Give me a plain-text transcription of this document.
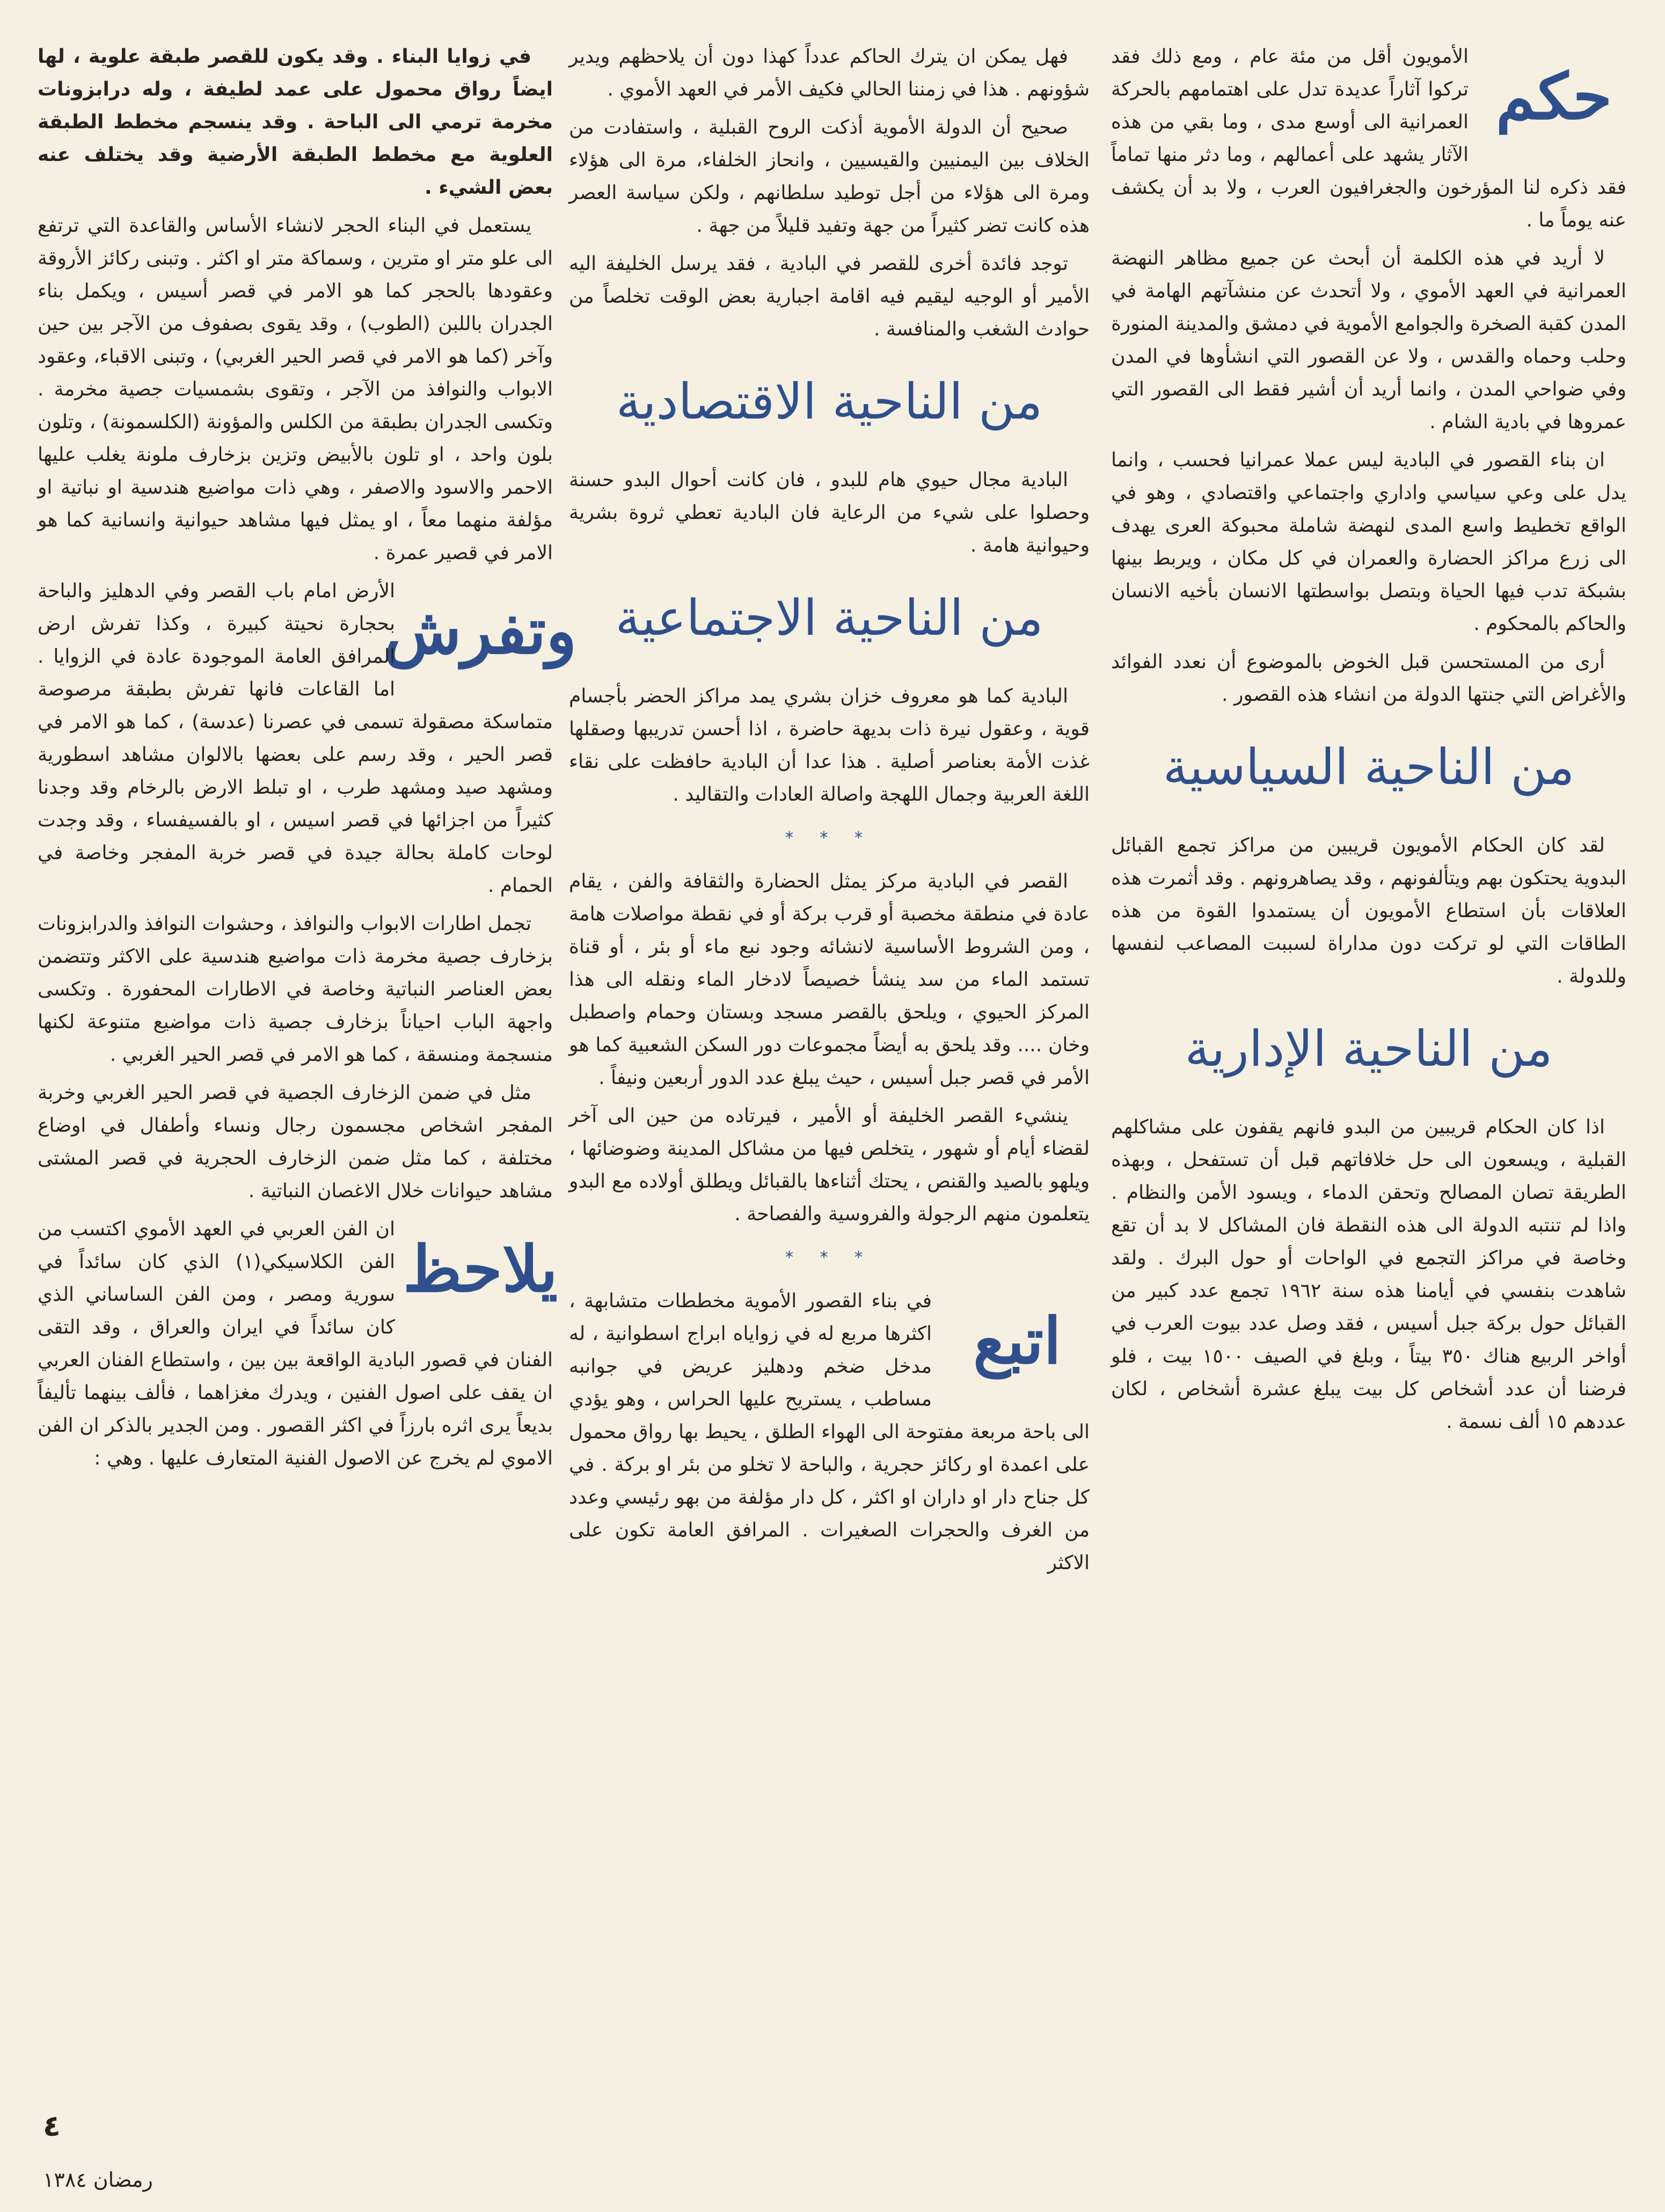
حكم

الأمويون أقل من مئة عام ، ومع ذلك فقد تركوا آثاراً عديدة تدل على اهتمامهم بالحركة العمرانية الى أوسع مدى ، وما بقي من هذه الآثار يشهد على أعمالهم ، وما دثر منها تماماً فقد ذكره لنا المؤرخون والجغرافيون العرب ، ولا بد أن يكشف عنه يوماً ما .

لا أريد في هذه الكلمة أن أبحث عن جميع مظاهر النهضة العمرانية في العهد الأموي ، ولا أتحدث عن منشآتهم الهامة في المدن كقبة الصخرة والجوامع الأموية في دمشق والمدينة المنورة وحلب وحماه والقدس ، ولا عن القصور التي انشأوها في المدن وفي ضواحي المدن ، وانما أريد أن أشير فقط الى القصور التي عمروها في بادية الشام .

ان بناء القصور في البادية ليس عملا عمرانيا فحسب ، وانما يدل على وعي سياسي واداري واجتماعي واقتصادي ، وهو في الواقع تخطيط واسع المدى لنهضة شاملة محبوكة العرى يهدف الى زرع مراكز الحضارة والعمران في كل مكان ، ويربط بينها بشبكة تدب فيها الحياة وبتصل بواسطتها الانسان بأخيه الانسان والحاكم بالمحكوم .

أرى من المستحسن قبل الخوض بالموضوع أن نعدد الفوائد والأغراض التي جنتها الدولة من انشاء هذه القصور .

من الناحية السياسية

لقد كان الحكام الأمويون قريبين من مراكز تجمع القبائل البدوية يحتكون بهم ويتألفونهم ، وقد يصاهرونهم . وقد أثمرت هذه العلاقات بأن استطاع الأمويون أن يستمدوا القوة من هذه الطاقات التي لو تركت دون مداراة لسببت المصاعب لنفسها وللدولة .

من الناحية الإدارية

اذا كان الحكام قريبين من البدو فانهم يقفون على مشاكلهم القبلية ، ويسعون الى حل خلافاتهم قبل أن تستفحل ، وبهذه الطريقة تصان المصالح وتحقن الدماء ، ويسود الأمن والنظام . واذا لم تنتبه الدولة الى هذه النقطة فان المشاكل لا بد أن تقع وخاصة في مراكز التجمع في الواحات أو حول البرك . ولقد شاهدت بنفسي في أيامنا هذه سنة ١٩٦٢ تجمع عدد كبير من القبائل حول بركة جبل أسيس ، فقد وصل عدد بيوت العرب في أواخر الربيع هناك ٣٥٠ بيتاً ، وبلغ في الصيف ١٥٠٠ بيت ، فلو فرضنا أن عدد أشخاص كل بيت يبلغ عشرة أشخاص ، لكان عددهم ١٥ ألف نسمة .

فهل يمكن ان يترك الحاكم عدداً كهذا دون أن يلاحظهم ويدير شؤونهم . هذا في زمننا الحالي فكيف الأمر في العهد الأموي .

صحيح أن الدولة الأموية أذكت الروح القبلية ، واستفادت من الخلاف بين اليمنيين والقيسيين ، وانحاز الخلفاء، مرة الى هؤلاء ومرة الى هؤلاء من أجل توطيد سلطانهم ، ولكن سياسة العصر هذه كانت تضر كثيراً من جهة وتفيد قليلاً من جهة .

توجد فائدة أخرى للقصر في البادية ، فقد يرسل الخليفة اليه الأمير أو الوجيه ليقيم فيه اقامة اجبارية بعض الوقت تخلصاً من حوادث الشغب والمنافسة .

من الناحية الاقتصادية

البادية مجال حيوي هام للبدو ، فان كانت أحوال البدو حسنة وحصلوا على شيء من الرعاية فان البادية تعطي ثروة بشرية وحيوانية هامة .

من الناحية الاجتماعية

البادية كما هو معروف خزان بشري يمد مراكز الحضر بأجسام قوية ، وعقول نيرة ذات بديهة حاضرة ، اذا أحسن تدريبها وصقلها غذت الأمة بعناصر أصلية . هذا عدا أن البادية حافظت على نقاء اللغة العربية وجمال اللهجة واصالة العادات والتقاليد .

* * *

القصر في البادية مركز يمثل الحضارة والثقافة والفن ، يقام عادة في منطقة مخصبة أو قرب بركة أو في نقطة مواصلات هامة ، ومن الشروط الأساسية لانشائه وجود نبع ماء أو بئر ، أو قناة تستمد الماء من سد ينشأ خصيصاً لادخار الماء ونقله الى هذا المركز الحيوي ، ويلحق بالقصر مسجد وبستان وحمام واصطبل وخان .... وقد يلحق به أيضاً مجموعات دور السكن الشعبية كما هو الأمر في قصر جبل أسيس ، حيث يبلغ عدد الدور أربعين ونيفاً .

ينشيء القصر الخليفة أو الأمير ، فيرتاده من حين الى آخر لقضاء أيام أو شهور ، يتخلص فيها من مشاكل المدينة وضوضائها ، ويلهو بالصيد والقنص ، يحتك أثناءها بالقبائل ويطلق أولاده مع البدو يتعلمون منهم الرجولة والفروسية والفصاحة .

* * *
اتبع

في بناء القصور الأموية مخططات متشابهة ، اكثرها مربع له في زواياه ابراج اسطوانية ، له مدخل ضخم ودهليز عريض في جوانبه مساطب ، يستريح عليها الحراس ، وهو يؤدي الى باحة مربعة مفتوحة الى الهواء الطلق ، يحيط بها رواق محمول على اعمدة او ركائز حجرية ، والباحة لا تخلو من بئر او بركة . في كل جناح دار او داران او اكثر ، كل دار مؤلفة من بهو رئيسي وعدد من الغرف والحجرات الصغيرات . المرافق العامة تكون على الاكثر

في زوايا البناء . وقد يكون للقصر طبقة علوية ، لها ايضاً رواق محمول على عمد لطيفة ، وله درابزونات مخرمة ترمي الى الباحة . وقد ينسجم مخطط الطبقة العلوية مع مخطط الطبقة الأرضية وقد يختلف عنه بعض الشيء .

يستعمل في البناء الحجر لانشاء الأساس والقاعدة التي ترتفع الى علو متر او مترين ، وسماكة متر او اكثر . وتبنى ركائز الأروقة وعقودها بالحجر كما هو الامر في قصر أسيس ، ويكمل بناء الجدران باللبن (الطوب) ، وقد يقوى بصفوف من الآجر بين حين وآخر (كما هو الامر في قصر الحير الغربي) ، وتبنى الاقباء، وعقود الابواب والنوافذ من الآجر ، وتقوى بشمسيات جصية مخرمة . وتكسى الجدران بطبقة من الكلس والمؤونة (الكلسمونة) ، وتلون بلون واحد ، او تلون بالأبيض وتزين بزخارف ملونة يغلب عليها الاحمر والاسود والاصفر ، وهي ذات مواضيع هندسية او نباتية او مؤلفة منهما معاً ، او يمثل فيها مشاهد حيوانية وانسانية كما هو الامر في قصير عمرة .

وتفرش

الأرض امام باب القصر وفي الدهليز والباحة بحجارة نحيتة كبيرة ، وكذا تفرش ارض المرافق العامة الموجودة عادة في الزوايا . اما القاعات فانها تفرش بطبقة مرصوصة متماسكة مصقولة تسمى في عصرنا (عدسة) ، كما هو الامر في قصر الحير ، وقد رسم على بعضها بالالوان مشاهد اسطورية ومشهد صيد ومشهد طرب ، او تبلط الارض بالرخام وقد وجدنا كثيراً من اجزائها في قصر اسيس ، او بالفسيفساء ، وقد وجدت لوحات كاملة بحالة جيدة في قصر خربة المفجر وخاصة في الحمام .

تجمل اطارات الابواب والنوافذ ، وحشوات النوافذ والدرابزونات بزخارف جصية مخرمة ذات مواضيع هندسية على الاكثر وتتضمن بعض العناصر النباتية وخاصة في الاطارات المحفورة . وتكسى واجهة الباب احياناً بزخارف جصية ذات مواضيع متنوعة لكنها منسجمة ومنسقة ، كما هو الامر في قصر الحير الغربي .

مثل في ضمن الزخارف الجصية في قصر الحير الغربي وخربة المفجر اشخاص مجسمون رجال ونساء وأطفال في اوضاع مختلفة ، كما مثل ضمن الزخارف الحجرية في قصر المشتى مشاهد حيوانات خلال الاغصان النباتية .

يلاحظ

ان الفن العربي في العهد الأموي اكتسب من الفن الكلاسيكي(١) الذي كان سائداً في سورية ومصر ، ومن الفن الساساني الذي كان سائداً في ايران والعراق ، وقد التقى الفنان في قصور البادية الواقعة بين بين ، واستطاع الفنان العربي ان يقف على اصول الفنين ، ويدرك مغزاهما ، فألف بينهما تأليفاً بديعاً يرى اثره بارزاً في اكثر القصور . ومن الجدير بالذكر ان الفن الاموي لم يخرج عن الاصول الفنية المتعارف عليها . وهي :

٤
رمضان ١٣٨٤
